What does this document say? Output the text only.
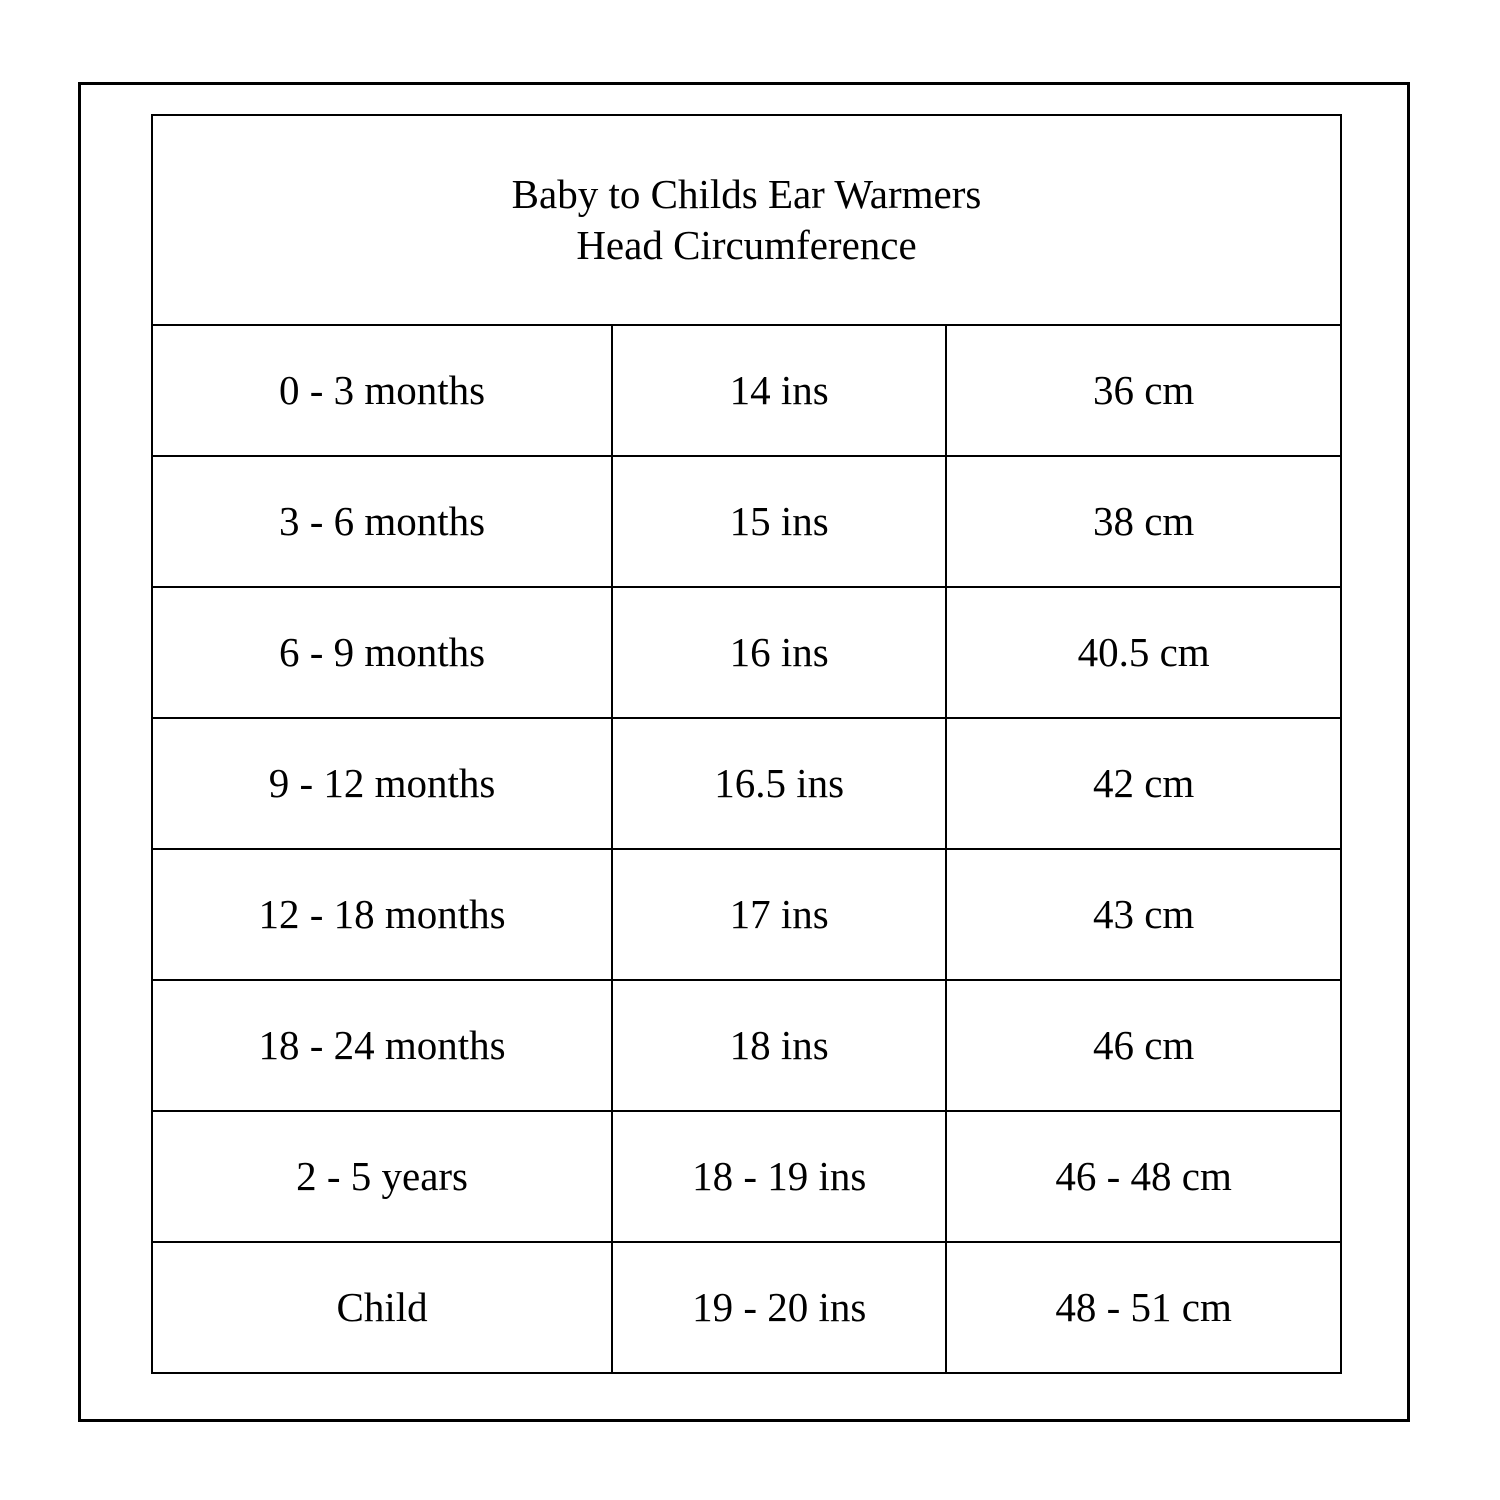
Baby to Childs Ear Warmers
Head Circumference		

0 - 3 months	14 ins	36 cm
3 - 6 months	15 ins	38 cm
6 - 9 months	16 ins	40.5 cm
9 - 12 months	16.5 ins	42 cm
12 - 18 months	17 ins	43 cm
18 - 24 months	18 ins	46 cm
2 - 5 years	18 - 19 ins	46 - 48 cm
Child	19 - 20 ins	48 - 51 cm
